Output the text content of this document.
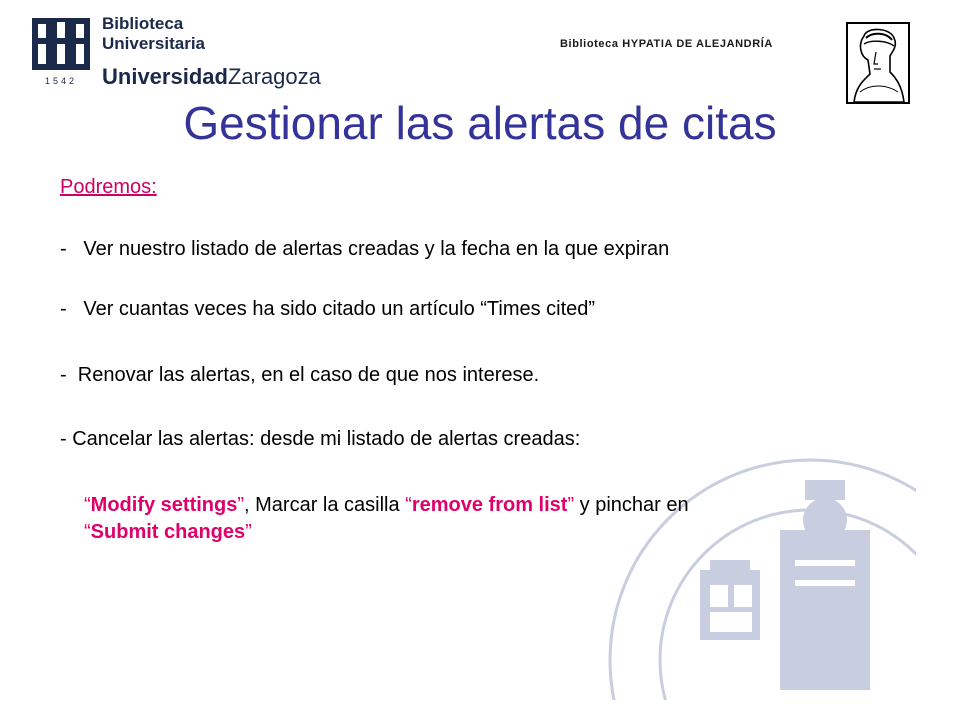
1542
Biblioteca
Universitaria
UniversidadZaragoza
Biblioteca HYPATIA DE ALEJANDRÍA
Gestionar las alertas de citas
Podremos:
-   Ver nuestro listado de alertas creadas y la fecha en la que expiran
-   Ver cuantas veces ha sido citado un artículo “Times cited”
-  Renovar las alertas, en el caso de que nos interese.
- Cancelar las alertas: desde mi listado de alertas creadas:
“Modify settings”, Marcar la casilla “remove from list” y pinchar en
“Submit changes”
